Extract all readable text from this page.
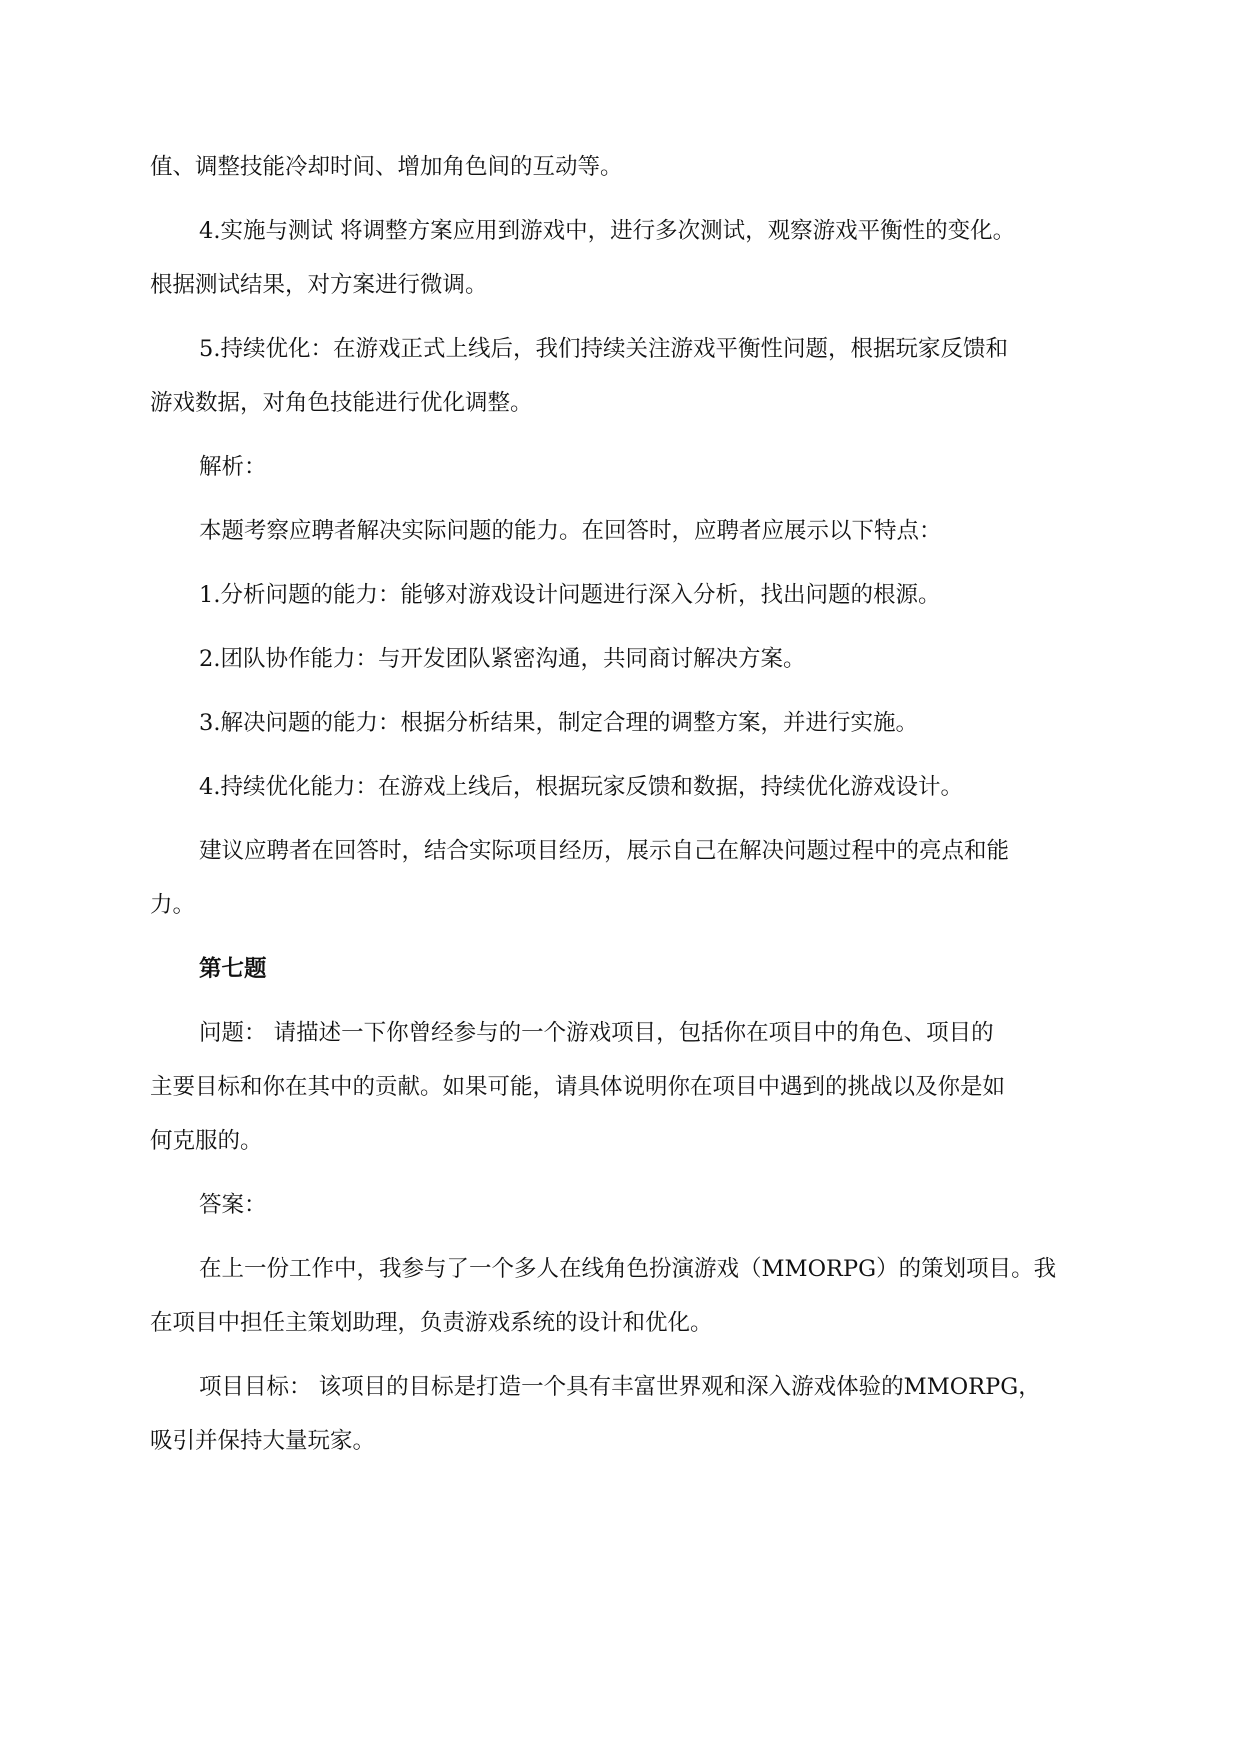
值、调整技能冷却时间、增加角色间的互动等。

4.实施与测试 将调整方案应用到游戏中，进行多次测试，观察游戏平衡性的变化。

根据测试结果，对方案进行微调。

5.持续优化：在游戏正式上线后，我们持续关注游戏平衡性问题，根据玩家反馈和

游戏数据，对角色技能进行优化调整。

解析：

本题考察应聘者解决实际问题的能力。在回答时，应聘者应展示以下特点：

1.分析问题的能力：能够对游戏设计问题进行深入分析，找出问题的根源。

2.团队协作能力：与开发团队紧密沟通，共同商讨解决方案。

3.解决问题的能力：根据分析结果，制定合理的调整方案，并进行实施。

4.持续优化能力：在游戏上线后，根据玩家反馈和数据，持续优化游戏设计。

建议应聘者在回答时，结合实际项目经历，展示自己在解决问题过程中的亮点和能

力。

第七题

问题： 请描述一下你曾经参与的一个游戏项目，包括你在项目中的角色、项目的

主要目标和你在其中的贡献。如果可能，请具体说明你在项目中遇到的挑战以及你是如

何克服的。

答案：

在上一份工作中，我参与了一个多人在线角色扮演游戏（MMORPG）的策划项目。我

在项目中担任主策划助理，负责游戏系统的设计和优化。

项目目标： 该项目的目标是打造一个具有丰富世界观和深入游戏体验的MMORPG，

吸引并保持大量玩家。
